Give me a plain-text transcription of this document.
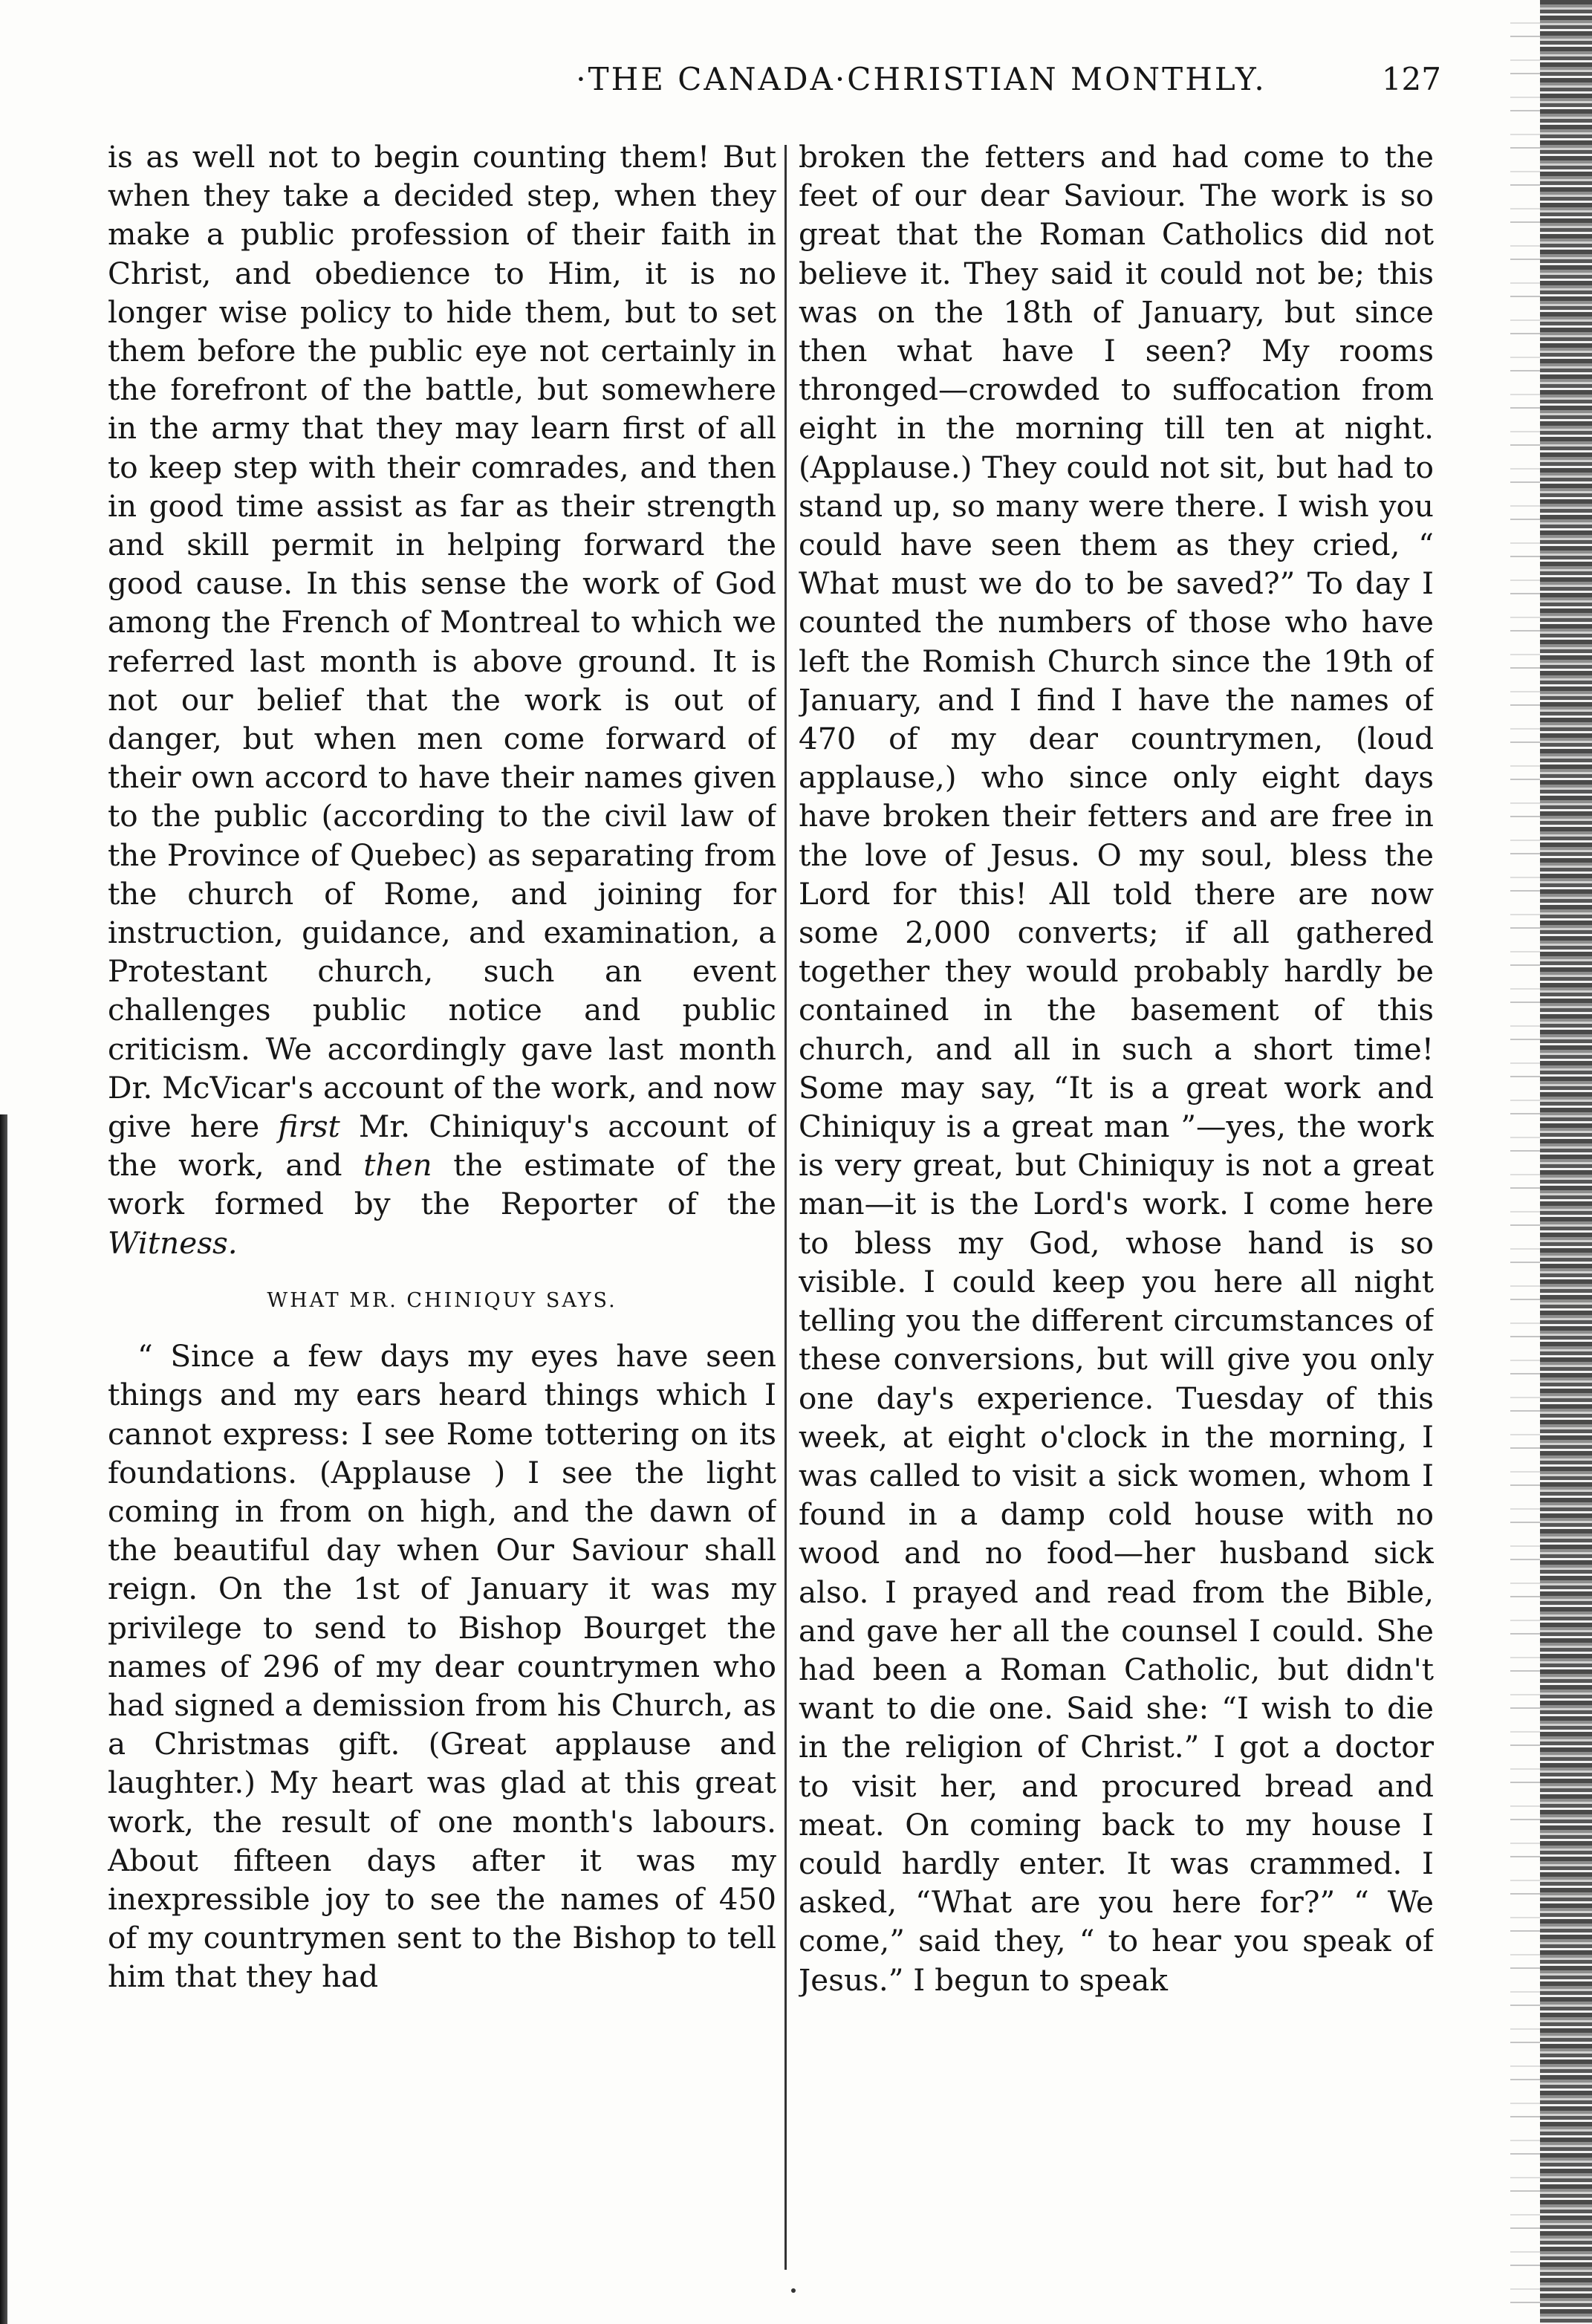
·THE CANADA·CHRISTIAN MONTHLY.	127

is as well not to begin counting them! But when they take a decided step, when they make a public profession of their faith in Christ, and obedience to Him, it is no longer wise policy to hide them, but to set them before the public eye not certainly in the forefront of the battle, but somewhere in the army that they may learn first of all to keep step with their comrades, and then in good time assist as far as their strength and skill permit in helping forward the good cause. In this sense the work of God among the French of Montreal to which we referred last month is above ground. It is not our belief that the work is out of danger, but when men come forward of their own accord to have their names given to the public (according to the civil law of the Province of Quebec) as separating from the church of Rome, and joining for instruction, guidance, and examination, a Protestant church, such an event challenges public notice and public criticism. We accordingly gave last month Dr. McVicar's account of the work, and now give here first Mr. Chiniquy's account of the work, and then the estimate of the work formed by the Reporter of the Witness.

WHAT MR. CHINIQUY SAYS.

“ Since a few days my eyes have seen things and my ears heard things which I cannot express: I see Rome tottering on its foundations. (Applause ) I see the light coming in from on high, and the dawn of the beautiful day when Our Saviour shall reign. On the 1st of January it was my privilege to send to Bishop Bourget the names of 296 of my dear countrymen who had signed a demission from his Church, as a Christmas gift. (Great applause and laughter.) My heart was glad at this great work, the result of one month's labours. About fifteen days after it was my inexpressible joy to see the names of 450 of my countrymen sent to the Bishop to tell him that they had

broken the fetters and had come to the feet of our dear Saviour. The work is so great that the Roman Catholics did not believe it. They said it could not be; this was on the 18th of January, but since then what have I seen? My rooms thronged—crowded to suffocation from eight in the morning till ten at night. (Applause.) They could not sit, but had to stand up, so many were there. I wish you could have seen them as they cried, “ What must we do to be saved?” To day I counted the numbers of those who have left the Romish Church since the 19th of January, and I find I have the names of 470 of my dear countrymen, (loud applause,) who since only eight days have broken their fetters and are free in the love of Jesus. O my soul, bless the Lord for this! All told there are now some 2,000 converts; if all gathered together they would probably hardly be contained in the basement of this church, and all in such a short time! Some may say, “It is a great work and Chiniquy is a great man ”—yes, the work is very great, but Chiniquy is not a great man—it is the Lord's work. I come here to bless my God, whose hand is so visible. I could keep you here all night telling you the different circumstances of these conversions, but will give you only one day's experience. Tuesday of this week, at eight o'clock in the morning, I was called to visit a sick women, whom I found in a damp cold house with no wood and no food—her husband sick also. I prayed and read from the Bible, and gave her all the counsel I could. She had been a Roman Catholic, but didn't want to die one. Said she: “I wish to die in the religion of Christ.” I got a doctor to visit her, and procured bread and meat. On coming back to my house I could hardly enter. It was crammed. I asked, “What are you here for?” “ We come,” said they, “ to hear you speak of Jesus.” I begun to speak
